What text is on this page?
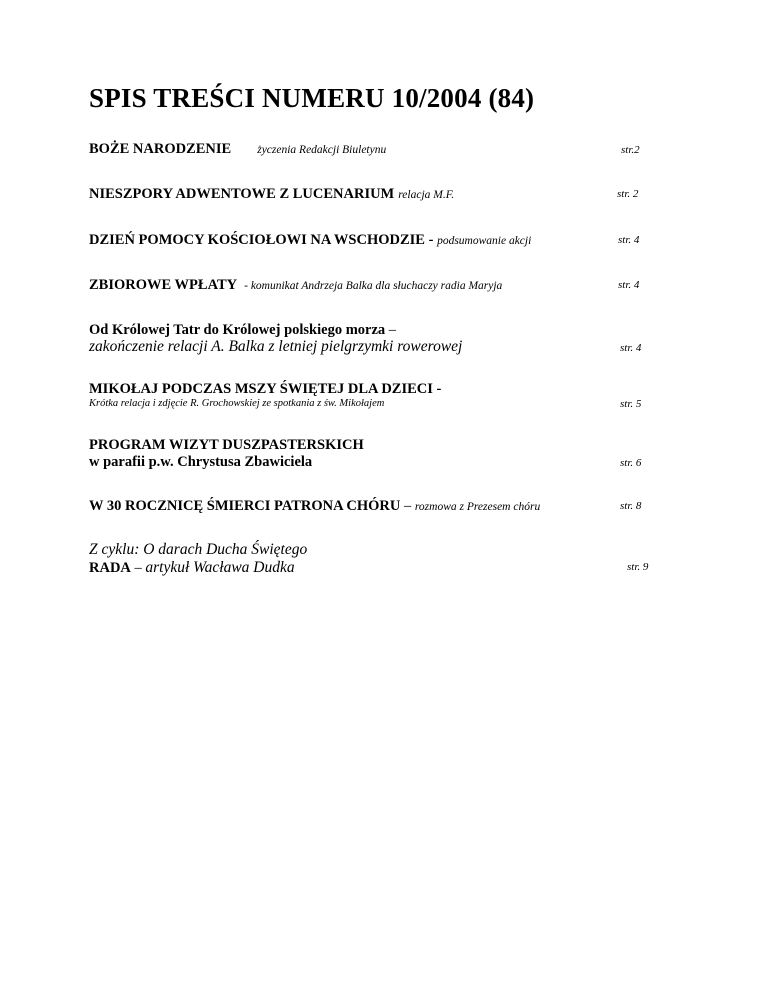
SPIS TREŚCI NUMERU 10/2004 (84)
BOŻE NARODZENIE życzenia Redakcji Biuletynu	str.2
NIESZPORY ADWENTOWE Z LUCENARIUM relacja M.F.	str. 2
DZIEŃ POMOCY KOŚCIOŁOWI NA WSCHODZIE - podsumowanie akcji	str. 4
ZBIOROWE WPŁATY - komunikat Andrzeja Balka dla słuchaczy radia Maryja	str. 4
Od Królowej Tatr do Królowej polskiego morza –
zakończenie relacji A. Balka z letniej pielgrzymki rowerowej	str. 4
MIKOŁAJ PODCZAS MSZY ŚWIĘTEJ DLA DZIECI -
Krótka relacja i zdjęcie R. Grochowskiej ze spotkania z św. Mikołajem	str. 5
PROGRAM WIZYT DUSZPASTERSKICH
w parafii p.w. Chrystusa Zbawiciela	str. 6
W 30 ROCZNICĘ ŚMIERCI PATRONA CHÓRU – rozmowa z Prezesem chóru	str. 8
Z cyklu: O darach Ducha Świętego
RADA – artykuł Wacława Dudka	str. 9
